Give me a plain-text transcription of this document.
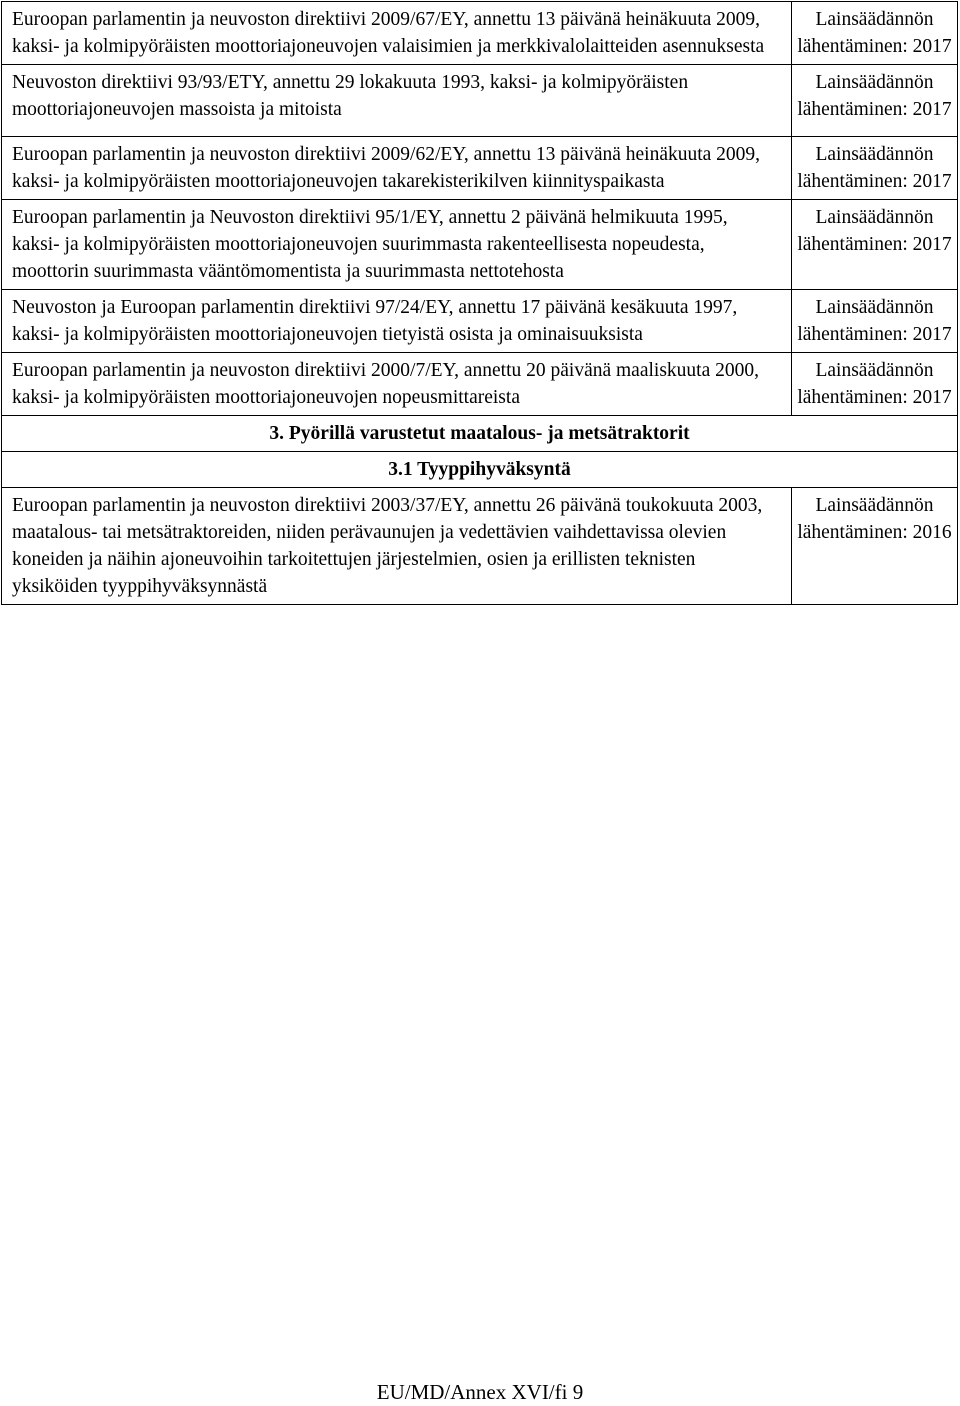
Euroopan parlamentin ja neuvoston direktiivi 2009/67/EY, annettu 13 päivänä heinäkuuta 2009, kaksi- ja kolmipyöräisten moottoriajoneuvojen valaisimien ja merkkivalolaitteiden asennuksesta	Lainsäädännön lähentäminen: 2017
Neuvoston direktiivi 93/93/ETY, annettu 29 lokakuuta 1993, kaksi- ja kolmipyöräisten moottoriajoneuvojen massoista ja mitoista	Lainsäädännön lähentäminen: 2017
Euroopan parlamentin ja neuvoston direktiivi 2009/62/EY, annettu 13 päivänä heinäkuuta 2009, kaksi- ja kolmipyöräisten moottoriajoneuvojen takarekisterikilven kiinnityspaikasta	Lainsäädännön lähentäminen: 2017
Euroopan parlamentin ja Neuvoston direktiivi 95/1/EY, annettu 2 päivänä helmikuuta 1995, kaksi- ja kolmipyöräisten moottoriajoneuvojen suurimmasta rakenteellisesta nopeudesta, moottorin suurimmasta vääntömomentista ja suurimmasta nettotehosta	Lainsäädännön lähentäminen: 2017
Neuvoston ja Euroopan parlamentin direktiivi 97/24/EY, annettu 17 päivänä kesäkuuta 1997, kaksi- ja kolmipyöräisten moottoriajoneuvojen tietyistä osista ja ominaisuuksista	Lainsäädännön lähentäminen: 2017
Euroopan parlamentin ja neuvoston direktiivi 2000/7/EY, annettu 20 päivänä maaliskuuta 2000, kaksi- ja kolmipyöräisten moottoriajoneuvojen nopeusmittareista	Lainsäädännön lähentäminen: 2017
3. Pyörillä varustetut maatalous- ja metsätraktorit	
3.1 Tyyppihyväksyntä	
Euroopan parlamentin ja neuvoston direktiivi 2003/37/EY, annettu 26 päivänä toukokuuta 2003, maatalous- tai metsätraktoreiden, niiden perävaunujen ja vedettävien vaihdettavissa olevien koneiden ja näihin ajoneuvoihin tarkoitettujen järjestelmien, osien ja erillisten teknisten yksiköiden tyyppihyväksynnästä	Lainsäädännön lähentäminen: 2016
EU/MD/Annex XVI/fi 9
